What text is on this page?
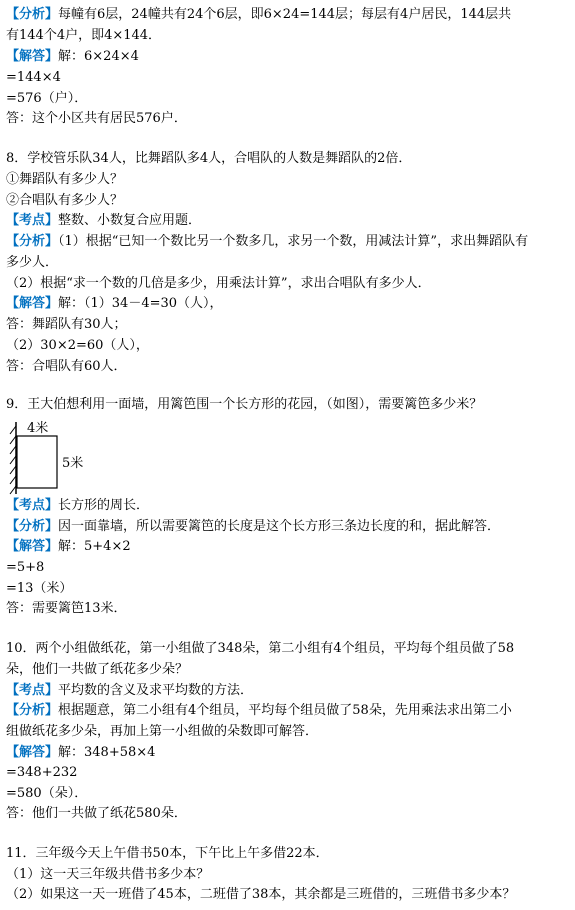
【分析】每幢有6层，24幢共有24个6层，即6×24=144层；每层有4户居民，144层共
有144个4户，即4×144．
【解答】解：6×24×4
=144×4
=576（户）．
答：这个小区共有居民576户．
8．学校管乐队34人，比舞蹈队多4人，合唱队的人数是舞蹈队的2倍．
①舞蹈队有多少人？
②合唱队有多少人？
【考点】整数、小数复合应用题．
【分析】（1）根据“已知一个数比另一个数多几，求另一个数，用减法计算”，求出舞蹈队有
多少人．
（2）根据“求一个数的几倍是多少，用乘法计算”，求出合唱队有多少人．
【解答】解：（1）34－4=30（人），
答：舞蹈队有30人；
（2）30×2=60（人），
答：合唱队有60人．
9．王大伯想利用一面墙，用篱笆围一个长方形的花园，（如图），需要篱笆多少米？
4米
5米
【考点】长方形的周长．
【分析】因一面靠墙，所以需要篱笆的长度是这个长方形三条边长度的和，据此解答．
【解答】解：5+4×2
=5+8
=13（米）
答：需要篱笆13米．
10．两个小组做纸花，第一小组做了348朵，第二小组有4个组员，平均每个组员做了58
朵，他们一共做了纸花多少朵？
【考点】平均数的含义及求平均数的方法．
【分析】根据题意，第二小组有4个组员，平均每个组员做了58朵，先用乘法求出第二小
组做纸花多少朵，再加上第一小组做的朵数即可解答．
【解答】解：348+58×4
=348+232
=580（朵）．
答：他们一共做了纸花580朵．
11．三年级今天上午借书50本，下午比上午多借22本．
（1）这一天三年级共借书多少本？
（2）如果这一天一班借了45本，二班借了38本，其余都是三班借的，三班借书多少本？
